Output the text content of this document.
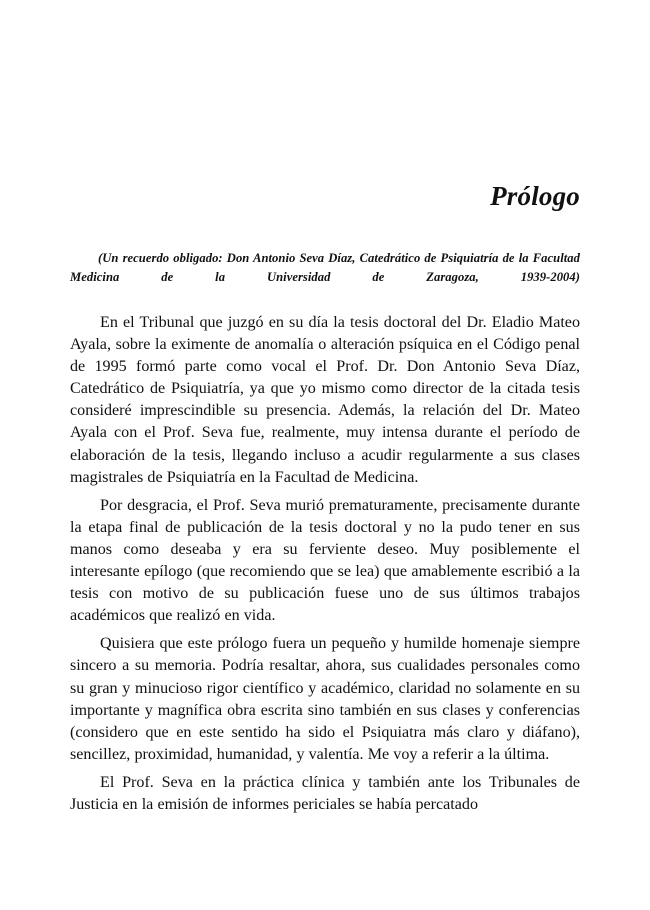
Prólogo

(Un recuerdo obligado: Don Antonio Seva Díaz, Catedrático de Psiquiatría de la Facultad Medicina de la Universidad de Zaragoza, 1939-2004)

En el Tribunal que juzgó en su día la tesis doctoral del Dr. Eladio Mateo Ayala, sobre la eximente de anomalía o alteración psíquica en el Código penal de 1995 formó parte como vocal el Prof. Dr. Don Antonio Seva Díaz, Catedrático de Psiquiatría, ya que yo mismo como director de la citada tesis consideré imprescindible su presencia. Además, la relación del Dr. Mateo Ayala con el Prof. Seva fue, realmente, muy intensa durante el período de elaboración de la tesis, llegando incluso a acudir regularmente a sus clases magistrales de Psiquiatría en la Facultad de Medicina.

Por desgracia, el Prof. Seva murió prematuramente, precisamente durante la etapa final de publicación de la tesis doctoral y no la pudo tener en sus manos como deseaba y era su ferviente deseo. Muy posiblemente el interesante epílogo (que recomiendo que se lea) que amablemente escribió a la tesis con motivo de su publicación fuese uno de sus últimos trabajos académicos que realizó en vida.

Quisiera que este prólogo fuera un pequeño y humilde homenaje siempre sincero a su memoria. Podría resaltar, ahora, sus cualidades personales como su gran y minucioso rigor científico y académico, claridad no solamente en su importante y magnífica obra escrita sino también en sus clases y conferencias (considero que en este sentido ha sido el Psiquiatra más claro y diáfano), sencillez, proximidad, humanidad, y valentía. Me voy a referir a la última.

El Prof. Seva en la práctica clínica y también ante los Tribunales de Justicia en la emisión de informes periciales se había percatado
